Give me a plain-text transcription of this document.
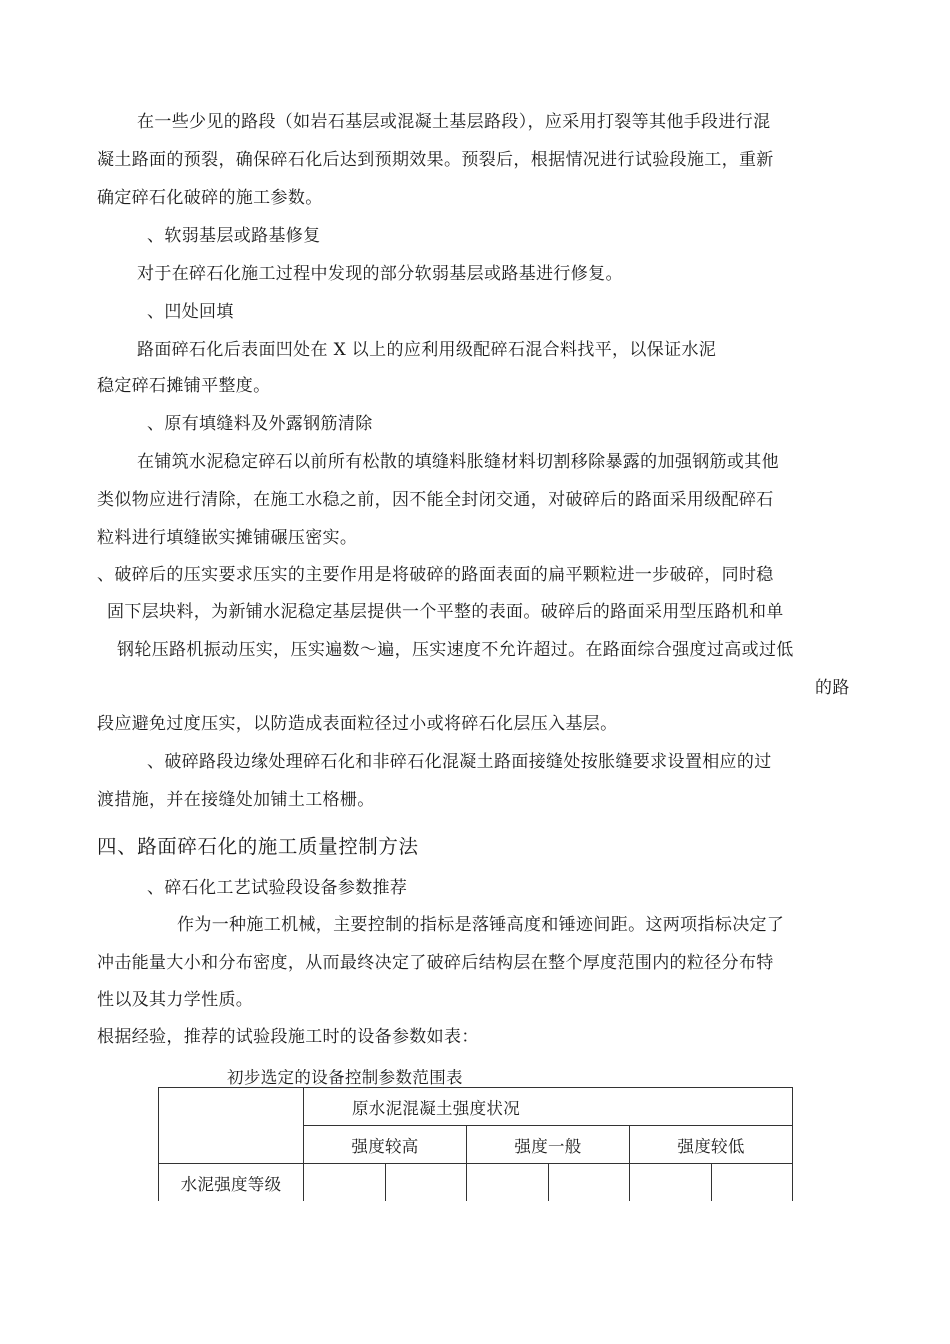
在一些少见的路段（如岩石基层或混凝土基层路段），应采用打裂等其他手段进行混
凝土路面的预裂，确保碎石化后达到预期效果。预裂后，根据情况进行试验段施工，重新
确定碎石化破碎的施工参数。
、软弱基层或路基修复
对于在碎石化施工过程中发现的部分软弱基层或路基进行修复。
、凹处回填
路面碎石化后表面凹处在 X 以上的应利用级配碎石混合料找平，以保证水泥
稳定碎石摊铺平整度。
、原有填缝料及外露钢筋清除
在铺筑水泥稳定碎石以前所有松散的填缝料胀缝材料切割移除暴露的加强钢筋或其他
类似物应进行清除，在施工水稳之前，因不能全封闭交通，对破碎后的路面采用级配碎石
粒料进行填缝嵌实摊铺碾压密实。
、破碎后的压实要求压实的主要作用是将破碎的路面表面的扁平颗粒进一步破碎，同时稳
固下层块料，为新铺水泥稳定基层提供一个平整的表面。破碎后的路面采用型压路机和单
钢轮压路机振动压实，压实遍数～遍，压实速度不允许超过。在路面综合强度过高或过低
的路
段应避免过度压实，以防造成表面粒径过小或将碎石化层压入基层。
、破碎路段边缘处理碎石化和非碎石化混凝土路面接缝处按胀缝要求设置相应的过
渡措施，并在接缝处加铺土工格栅。
四、路面碎石化的施工质量控制方法
、碎石化工艺试验段设备参数推荐
作为一种施工机械，主要控制的指标是落锤高度和锤迹间距。这两项指标决定了
冲击能量大小和分布密度，从而最终决定了破碎后结构层在整个厚度范围内的粒径分布特
性以及其力学性质。
根据经验，推荐的试验段施工时的设备参数如表：
初步选定的设备控制参数范围表
	原水泥混凝土强度状况					
	强度较高		强度一般		强度较低	
水泥强度等级						
